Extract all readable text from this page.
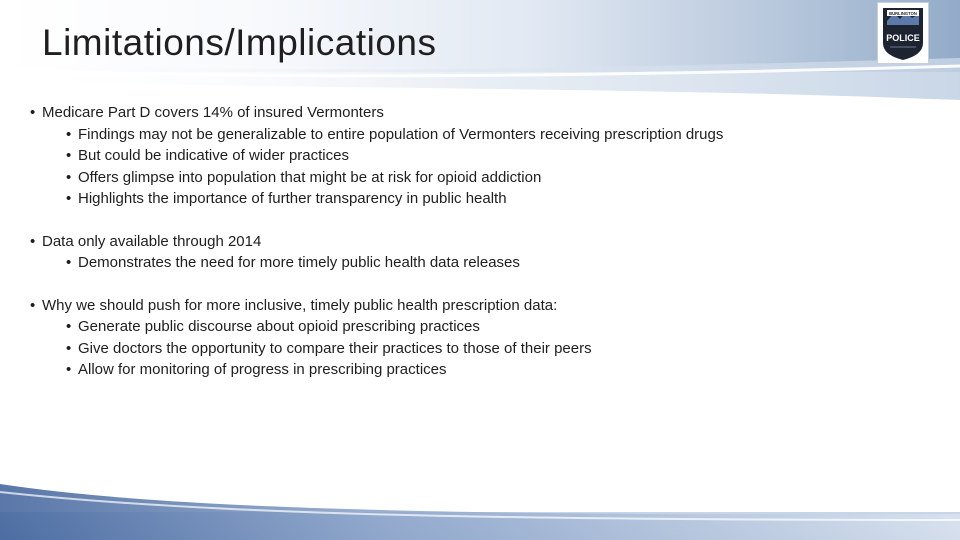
Limitations/Implications
BURLINGTON
POLICE
• Medicare Part D covers 14% of insured Vermonters
• Findings may not be generalizable to entire population of Vermonters receiving prescription drugs
• But could be indicative of wider practices
• Offers glimpse into population that might be at risk for opioid addiction
• Highlights the importance of further transparency in public health
• Data only available through 2014
• Demonstrates the need for more timely public health data releases
• Why we should push for more inclusive, timely public health prescription data:
• Generate public discourse about opioid prescribing practices
• Give doctors the opportunity to compare their practices to those of their peers
• Allow for monitoring of progress in prescribing practices
